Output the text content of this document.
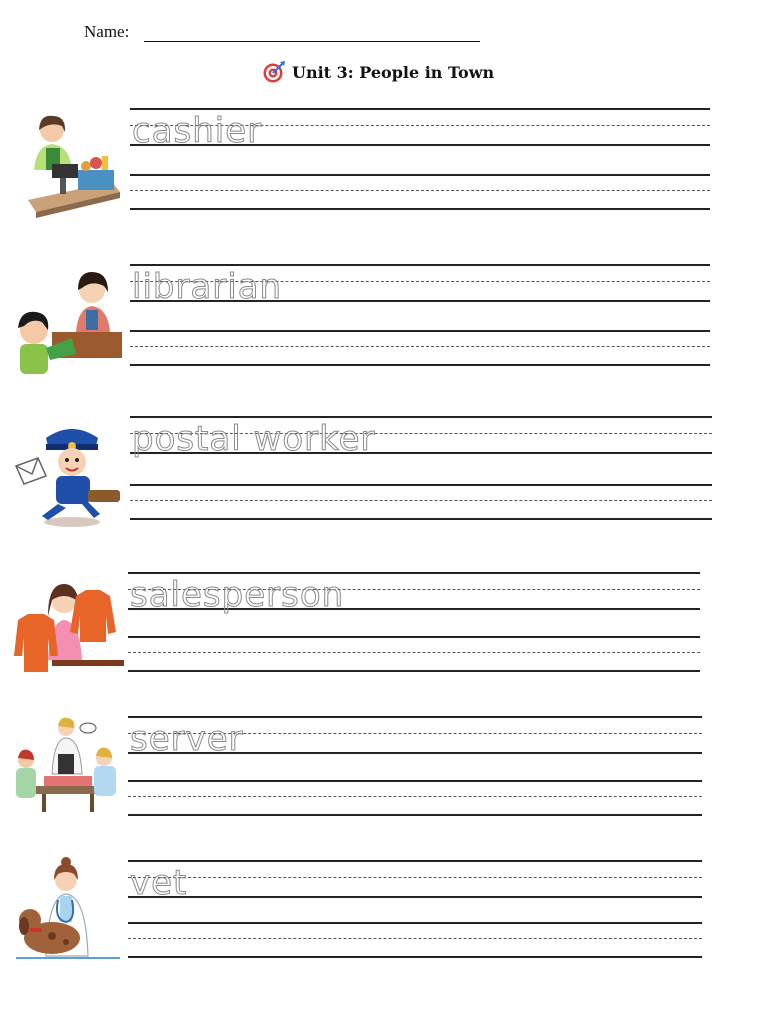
Name:
Unit 3: People in Town
cashier
librarian
postal worker
salesperson
server
vet
